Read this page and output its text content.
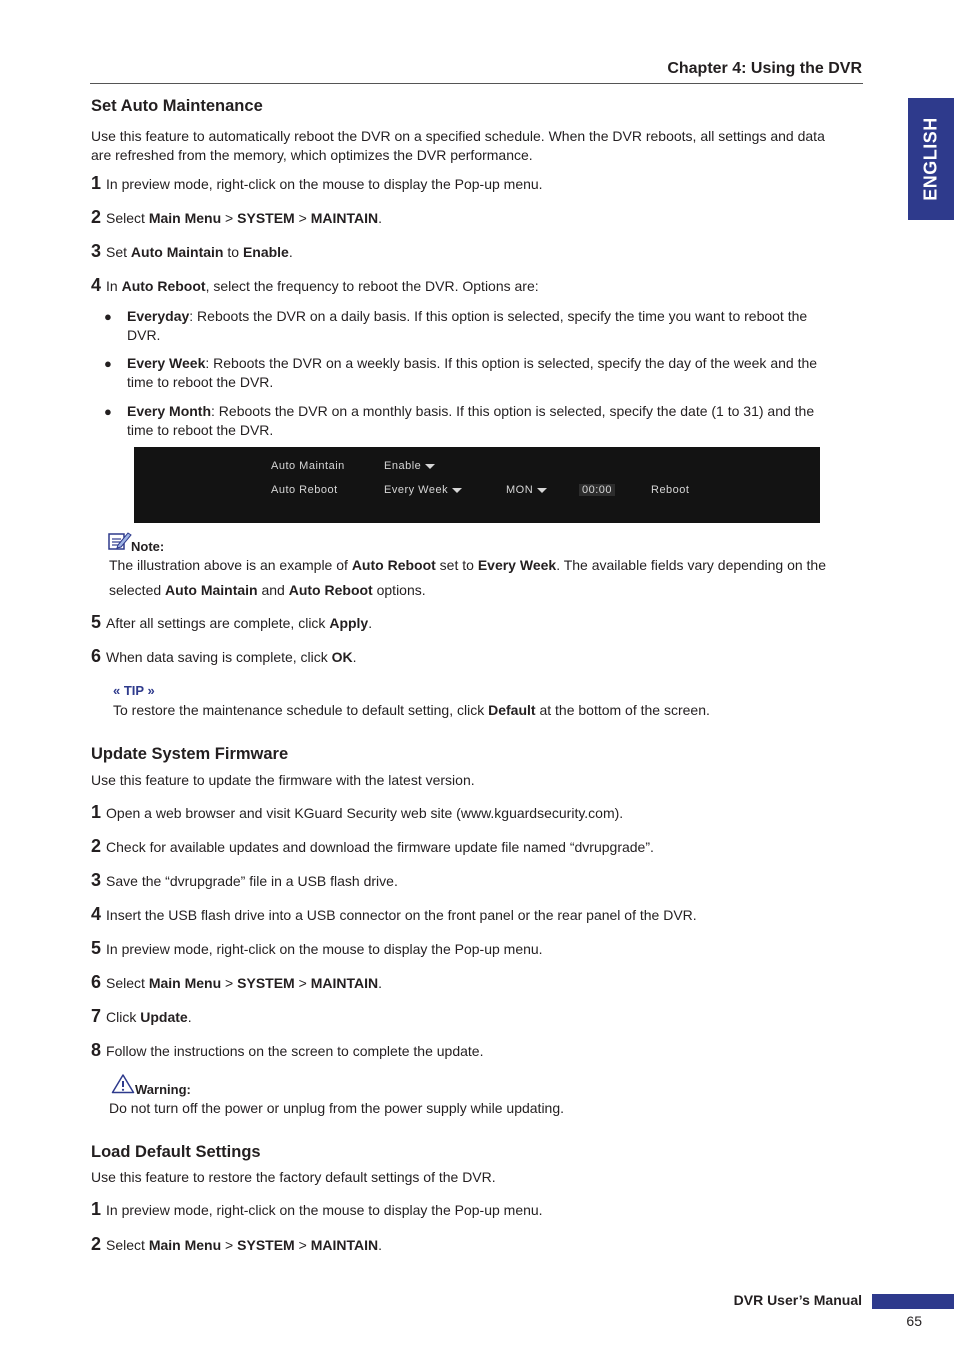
Chapter 4: Using the DVR
ENGLISH
Set Auto Maintenance
Use this feature to automatically reboot the DVR on a specified schedule. When the DVR reboots, all settings and data
are refreshed from the memory, which optimizes the DVR performance.
1 In preview mode, right-click on the mouse to display the Pop-up menu.
2 Select Main Menu > SYSTEM > MAINTAIN.
3 Set Auto Maintain to Enable.
4 In Auto Reboot, select the frequency to reboot the DVR. Options are:
● Everyday: Reboots the DVR on a daily basis. If this option is selected, specify the time you want to reboot the
DVR.
● Every Week: Reboots the DVR on a weekly basis. If this option is selected, specify the day of the week and the
time to reboot the DVR.
● Every Month: Reboots the DVR on a monthly basis. If this option is selected, specify the date (1 to 31) and the
time to reboot the DVR.
Auto Maintain	Enable
Auto Reboot	Every Week	MON	00:00	Reboot
Note:
The illustration above is an example of Auto Reboot set to Every Week. The available fields vary depending on the
selected Auto Maintain and Auto Reboot options.
5 After all settings are complete, click Apply.
6 When data saving is complete, click OK.
« TIP »
To restore the maintenance schedule to default setting, click Default at the bottom of the screen.
Update System Firmware
Use this feature to update the firmware with the latest version.
1 Open a web browser and visit KGuard Security web site (www.kguardsecurity.com).
2 Check for available updates and download the firmware update file named “dvrupgrade”.
3 Save the “dvrupgrade” file in a USB flash drive.
4 Insert the USB flash drive into a USB connector on the front panel or the rear panel of the DVR.
5 In preview mode, right-click on the mouse to display the Pop-up menu.
6 Select Main Menu > SYSTEM > MAINTAIN.
7 Click Update.
8 Follow the instructions on the screen to complete the update.
Warning:
Do not turn off the power or unplug from the power supply while updating.
Load Default Settings
Use this feature to restore the factory default settings of the DVR.
1 In preview mode, right-click on the mouse to display the Pop-up menu.
2 Select Main Menu > SYSTEM > MAINTAIN.
DVR User’s Manual
65
